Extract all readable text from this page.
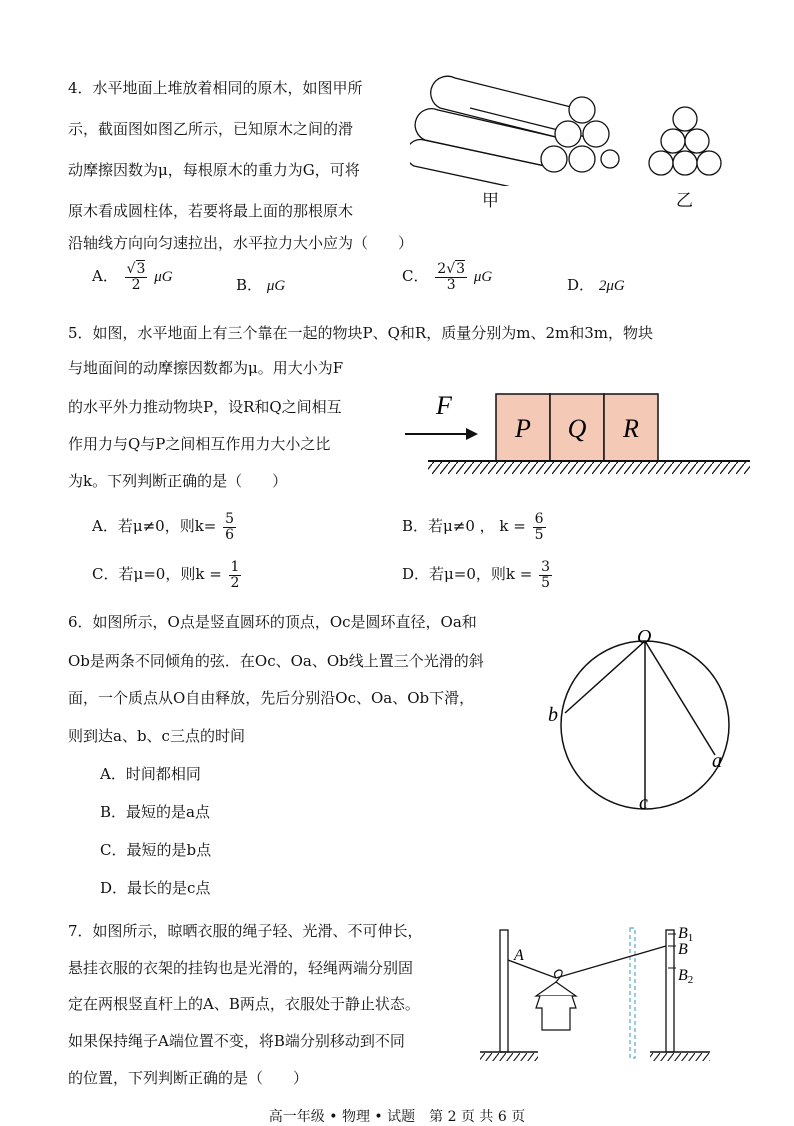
4．水平地面上堆放着相同的原木，如图甲所
示，截面图如图乙所示，已知原木之间的滑
动摩擦因数为μ，每根原木的重力为G，可将
原木看成圆柱体，若要将最上面的那根原木
沿轴线方向向匀速拉出，水平拉力大小应为（　　）
甲	乙
A． $\frac{√3}{2}$ μG	B． μG
C． $\frac{2√3}{3}$ μG	D． 2μG
5．如图，水平地面上有三个靠在一起的物块P、Q和R，质量分别为m、2m和3m，物块
与地面间的动摩擦因数都为μ。用大小为F
的水平外力推动物块P，设R和Q之间相互
作用力与Q与P之间相互作用力大小之比
为k。下列判断正确的是（　　）
F
P Q R
A．若μ≠0，则$k= \frac{5}{6}$	B．若μ≠0 ， $k = \frac{6}{5}$
C．若μ=0，则$k = \frac{1}{2}$	D．若μ=0，则$k = \frac{3}{5}$
6．如图所示，O点是竖直圆环的顶点，Oc是圆环直径，Oa和
Ob是两条不同倾角的弦．在Oc、Oa、Ob线上置三个光滑的斜
面，一个质点从O自由释放，先后分别沿Oc、Oa、Ob下滑，
则到达a、b、c三点的时间
O
a
b
c
A．时间都相同
B．最短的是a点
C．最短的是b点
D．最长的是c点
7．如图所示，晾晒衣服的绳子轻、光滑、不可伸长，
悬挂衣服的衣架的挂钩也是光滑的，轻绳两端分别固
定在两根竖直杆上的A、B两点，衣服处于静止状态。
如果保持绳子A端位置不变，将B端分别移动到不同
的位置，下列判断正确的是（　　）
A	B
B1
B2
高一年级 • 物理 • 试题　第 2 页 共 6 页
